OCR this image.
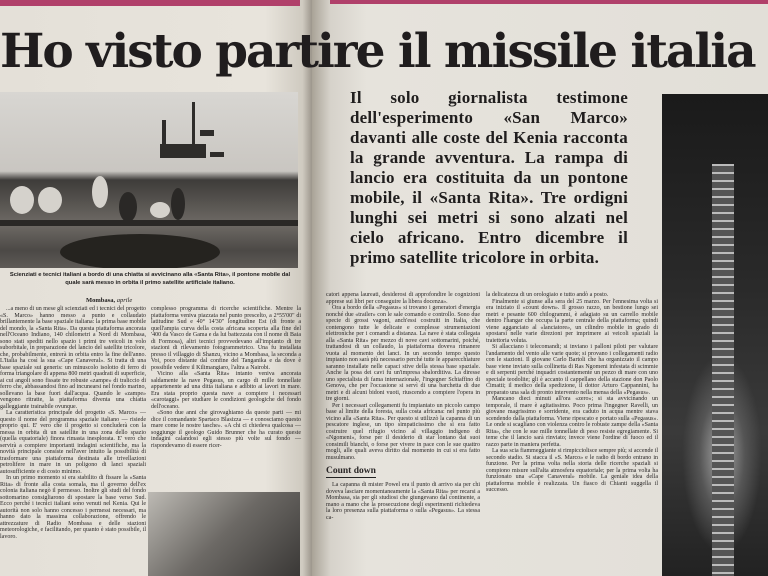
Ho visto partire il missile italia
Scienziati e tecnici italiani a bordo di una chiatta si avvicinano alla «Santa Rita», il pontone mobile dal quale sarà messo in orbita il primo satellite artificiale italiano.
Mombasa, aprile

...a meno di un mese gli scienziati ed i tecnici del progetto «S. Marco» hanno messo a punto e collaudato brillantemente la base spaziale italiana: la prima base mobile del mondo, la «Santa Rita». Da questa piattaforma ancorata nell'Oceano Indiano, 140 chilometri a Nord di Mombasa, sono stati spediti nello spazio i primi tre veicoli in volo suborbitale, in preparazione del lancio del satellite tricolore, che, probabilmente, entrerà in orbita entro la fine dell'anno. L'Italia ha così la sua «Cape Canaveral». Si tratta di una base spaziale sui generis: un minuscolo isolotto di ferro di forma triangolare di appena 800 metri quadrati di superficie, ai cui angoli sono fissate tre robuste «zampe» di traliccio di ferro che, abbassandosi fino ad incunearsi nel fondo marino, sollevano la base fuori dall'acqua. Quando le «zampe» vengono ritratte, la piattaforma diventa una chiatta galleggiante trainabile ovunque.

La caratteristica principale del progetto «S. Marco» — questo il nome del programma spaziale italiano — risiede proprio qui. E' vero che il progetto si concluderà con la messa in orbita di un satellite in una zona dello spazio (quella equatoriale) finora rimasta inesplorata. E' vero che servirà a compiere importanti indagini scientifiche, ma la novità principale consiste nell'aver intuito la possibilità di trasformare una piattaforma destinata alle trivellazioni petrolifere in mare in un poligono di lanci spaziali autosufficiente e di costo minimo.

In un primo momento si era stabilito di fissare la «Santa Rita» di fronte alla costa somala, ma il governo dell'ex colonia italiana negò il permesso. Inoltre gli studi del fondo sottomarino consigliarono di spostare la base verso Sud. Ecco perché i tecnici italiani sono venuti nel Kenia. Qui le autorità non solo hanno concesso i permessi necessari, ma hanno dato la massima collaborazione, offrendo le attrezzature di Radio Mombasa e delle stazioni meteorologiche, e facilitando, per quanto è stato possibile, il lavoro.

complesso programma di ricerche scientifiche. Mentre la piattaforma veniva piazzata nel punto prescelto, a 2°55'00" di latitudine Sud e 40° 14'30" longitudine Est (di fronte a quell'ampia curva della costa africana scoperta alla fine del '400 da Vasco de Gama e da lui battezzata con il nome di Baia di Formosa), altri tecnici provvedevano all'impianto di tre stazioni di rilevamento fotogrammetrico. Una fu installata presso il villaggio di Shanzu, vicino a Mombasa, la seconda a Voi, poco distante dal confine del Tanganika e da dove è possibile vedere il Kilimangiaro, l'altra a Nairobi.

Vicino alla «Santa Rita» intanto veniva ancorata saldamente la nave Pegasus, un cargo di mille tonnellate appartenente ad una ditta italiana e adibito ai lavori in mare. Era stata proprio questa nave a compiere i necessari «carotaggi» per studiare le condizioni geologiche del fondo dell'oceano.

«Sono due anni che girovaghiamo da queste parti — mi dice il comandante Spartaco Blasizza — e conosciamo questo mare come le nostre tasche». «A chi ci chiedeva qualcosa — soggiunge il geologo Guido Brunner che ha curato queste indagini calandosi egli stesso più volte sul fondo — rispondevamo di essere ricer-

Il solo giornalista testimone dell'esperimento «San Marco» davanti alle coste del Kenia racconta la grande avventura. La rampa di lancio era costituita da un pontone mobile, il «Santa Rita». Tre ordigni lunghi sei metri si sono alzati nel cielo africano. Entro dicembre il primo satellite tricolore in orbita.

catori appena laureati, desiderosi di approfondire le cognizioni apprese sui libri per conseguire la libera docenza».

Ora a bordo della «Pegasus» si trovano i generatori d'energia nonché due «trailer» con le sale comando e controllo. Sono due specie di grossi vagoni, anch'essi costruiti in Italia, che contengono tutte le delicate e complesse strumentazioni elettroniche per i comandi a distanza. La nave è stata collegata alla «Santa Rita» per mezzo di nove cavi sottomarini, poiché, trattandosi di un collaudo, la piattaforma doveva rimanere vuota al momento dei lanci. In un secondo tempo questo impianto non sarà più necessario perché tutte le apparecchiature saranno installate nelle capaci stive della stessa base spaziale. Anche la posa dei cavi fu un'impresa sbalorditiva. La diresse uno specialista di fama internazionale, l'ingegner Schiaffino di Genova, che per l'occasione si servì di una barchetta di due metri e di alcuni bidoni vuoti, riuscendo a compiere l'opera in tre giorni.

Per i necessari collegamenti fu impiantato un piccolo campo base al limite della foresta, sulla costa africana: nel punto più vicino alla «Santa Rita». Per questo si utilizzò la capanna di un pescatore inglese, un tipo simpaticissimo che si era fatto costruire quel rifugio vicino al villaggio indigeno di «Ngomeni», forse per il desiderio di star lontano dai suoi consimili bianchi, o forse per vivere in pace con le sue quattro mogli, alle quali aveva diritto dal momento in cui si era fatto musulmano.

Count down

La capanna di mister Powel era il punto di arrivo sia per chi doveva lasciare momentaneamente la «Santa Rita» per recarsi a Mombasa, sia per gli studiosi che giungevano dal continente, a mano a mano che la prosecuzione degli esperimenti richiedeva la loro presenza sulla piattaforma o sulla «Pegasus». La stessa ca-

la delicatezza di un orologiaio e tutto andò a posto.

Finalmente si giunse alla sera del 25 marzo. Per l'ennesima volta si era iniziato il «count down». Il grosso razzo, un bestione lungo sei metri e pesante 600 chilogrammi, è adagiato su un carrello mobile dentro l'hangar che occupa la parte centrale della piattaforma; quindi viene agganciato al «lanciatore», un cilindro mobile in grado di spostarsi nelle varie direzioni per imprimere ai veicoli spaziali la traiettoria voluta.

Si allacciano i telecomandi; si inviano i palloni piloti per valutare l'andamento del vento alle varie quote; si provano i collegamenti radio con le stazioni. Il giovane Carlo Bartoli che ha organizzato il campo base viene inviato sulla collinetta di Ras Ngomeni infestata di scimmie e di serpenti perché inquadri costantemente un pezzo di mare con uno speciale teodolite; gli è accanto il cappellano della stazione don Paolo Cimatti; il medico della spedizione, il dottor Arturo Cappannini, ha preparato una sala di pronto intervento nella mensa della «Pegasus».

Mancano dieci minuti all'ora «zero»; si sta avvicinando un temporale, il mare è agitatissimo. Poco prima l'ingegner Ravelli, un giovane magrissimo e sorridente, era caduto in acqua mentre stava scendendo dalla piattaforma. Viene ripescato e portato sulla «Pegasus». Le onde si scagliano con violenza contro le robuste zampe della «Santa Rita», che con le sue mille tonnellate di peso resiste egregiamente. Si teme che il lancio sarà rinviato; invece viene l'ordine di fuoco ed il razzo parte in maniera perfetta.

La sua scia fiammeggiante si rimpicciolisce sempre più; si accende il secondo stadio. Si stacca il «S. Marco» e le radio di bordo entrano in funzione. Per la prima volta nella storia delle ricerche spaziali si compiono misure sull'alta atmosfera equatoriale; per la prima volta ha funzionato una «Cape Canaveral» mobile. La geniale idea della piattaforma mobile è realizzata. Un fiasco di Chianti suggella il successo.
